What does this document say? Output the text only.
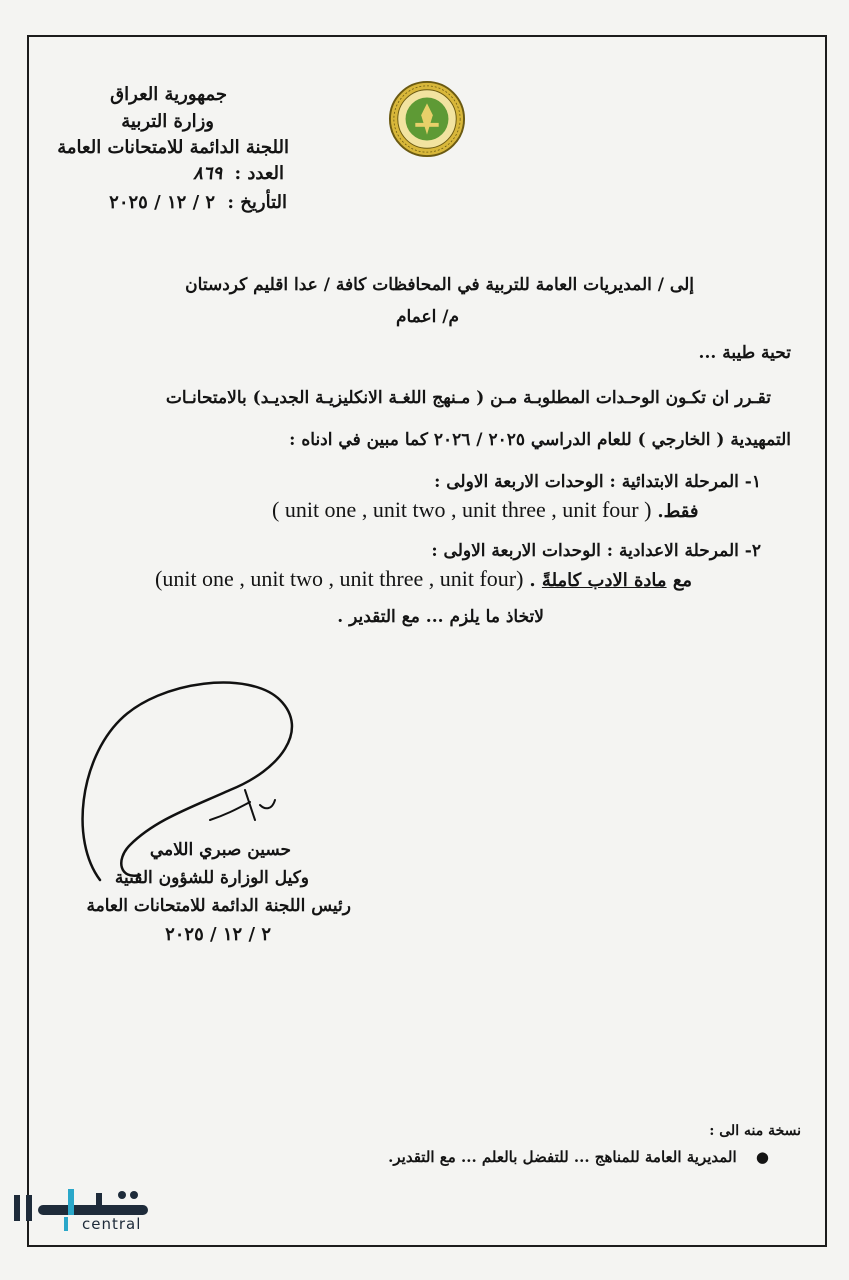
جمهورية العراق
وزارة التربية
اللجنة الدائمة للامتحانات العامة
العدد : ٨٦٩
التأريخ : ٢ / ١٢ / ٢٠٢٥
إلى / المديريات العامة للتربية في المحافظات كافة / عدا اقليم كردستان
م/ اعمام
تحية طيبة ...
تقـرر ان تكـون الوحـدات المطلوبـة مـن ( مـنهج اللغـة الانكليزيـة الجديـد) بالامتحانـات
التمهيدية ( الخارجي ) للعام الدراسي ٢٠٢٥ / ٢٠٢٦ كما مبين في ادناه :
١- المرحلة الابتدائية : الوحدات الاربعة الاولى :
( unit one , unit two , unit three , unit four ) فقط.
٢- المرحلة الاعدادية : الوحدات الاربعة الاولى :
(unit one , unit two , unit three , unit four)	مع مادة الادب كاملةً .
لاتخاذ ما يلزم ... مع التقدير .
حسين صبري اللامي
وكيل الوزارة للشؤون الفنية
رئيس اللجنة الدائمة للامتحانات العامة
٢ / ١٢ / ٢٠٢٥
نسخة منه الى :
● المديرية العامة للمناهج ... للتفضل بالعلم ... مع التقدير.
central
